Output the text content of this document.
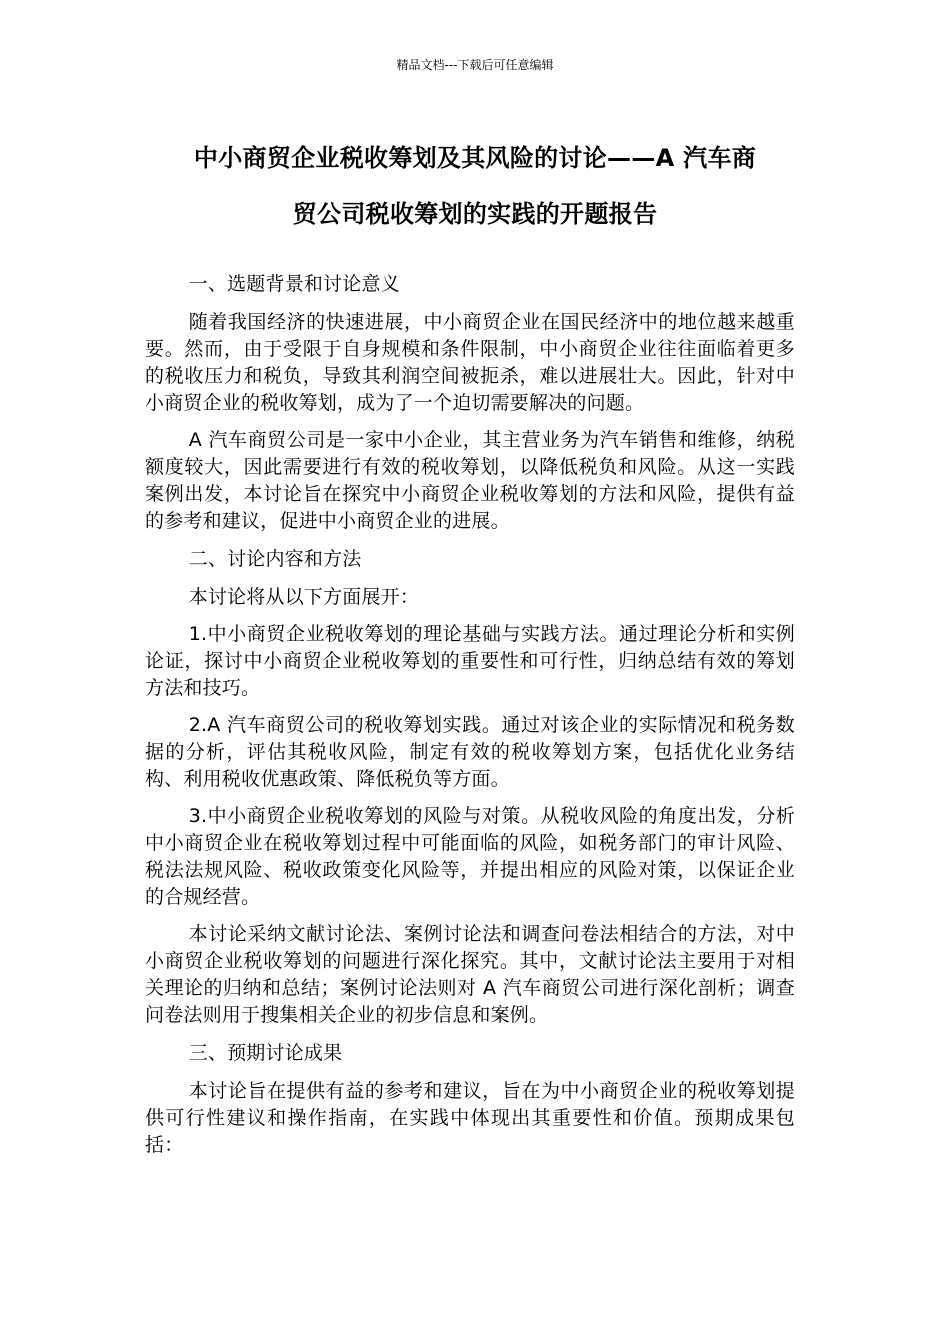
精品文档---下载后可任意编辑
中小商贸企业税收筹划及其风险的讨论——A 汽车商
贸公司税收筹划的实践的开题报告

一、选题背景和讨论意义

随着我国经济的快速进展，中小商贸企业在国民经济中的地位越来越重要。然而，由于受限于自身规模和条件限制，中小商贸企业往往面临着更多的税收压力和税负，导致其利润空间被扼杀，难以进展壮大。因此，针对中小商贸企业的税收筹划，成为了一个迫切需要解决的问题。

A 汽车商贸公司是一家中小企业，其主营业务为汽车销售和维修，纳税额度较大，因此需要进行有效的税收筹划，以降低税负和风险。从这一实践案例出发，本讨论旨在探究中小商贸企业税收筹划的方法和风险，提供有益的参考和建议，促进中小商贸企业的进展。

二、讨论内容和方法

本讨论将从以下方面展开：

1.中小商贸企业税收筹划的理论基础与实践方法。通过理论分析和实例论证，探讨中小商贸企业税收筹划的重要性和可行性，归纳总结有效的筹划方法和技巧。

2.A 汽车商贸公司的税收筹划实践。通过对该企业的实际情况和税务数据的分析，评估其税收风险，制定有效的税收筹划方案，包括优化业务结构、利用税收优惠政策、降低税负等方面。

3.中小商贸企业税收筹划的风险与对策。从税收风险的角度出发，分析中小商贸企业在税收筹划过程中可能面临的风险，如税务部门的审计风险、税法法规风险、税收政策变化风险等，并提出相应的风险对策，以保证企业的合规经营。

本讨论采纳文献讨论法、案例讨论法和调查问卷法相结合的方法，对中小商贸企业税收筹划的问题进行深化探究。其中，文献讨论法主要用于对相关理论的归纳和总结；案例讨论法则对 A 汽车商贸公司进行深化剖析；调查问卷法则用于搜集相关企业的初步信息和案例。

三、预期讨论成果

本讨论旨在提供有益的参考和建议，旨在为中小商贸企业的税收筹划提供可行性建议和操作指南，在实践中体现出其重要性和价值。预期成果包括：
